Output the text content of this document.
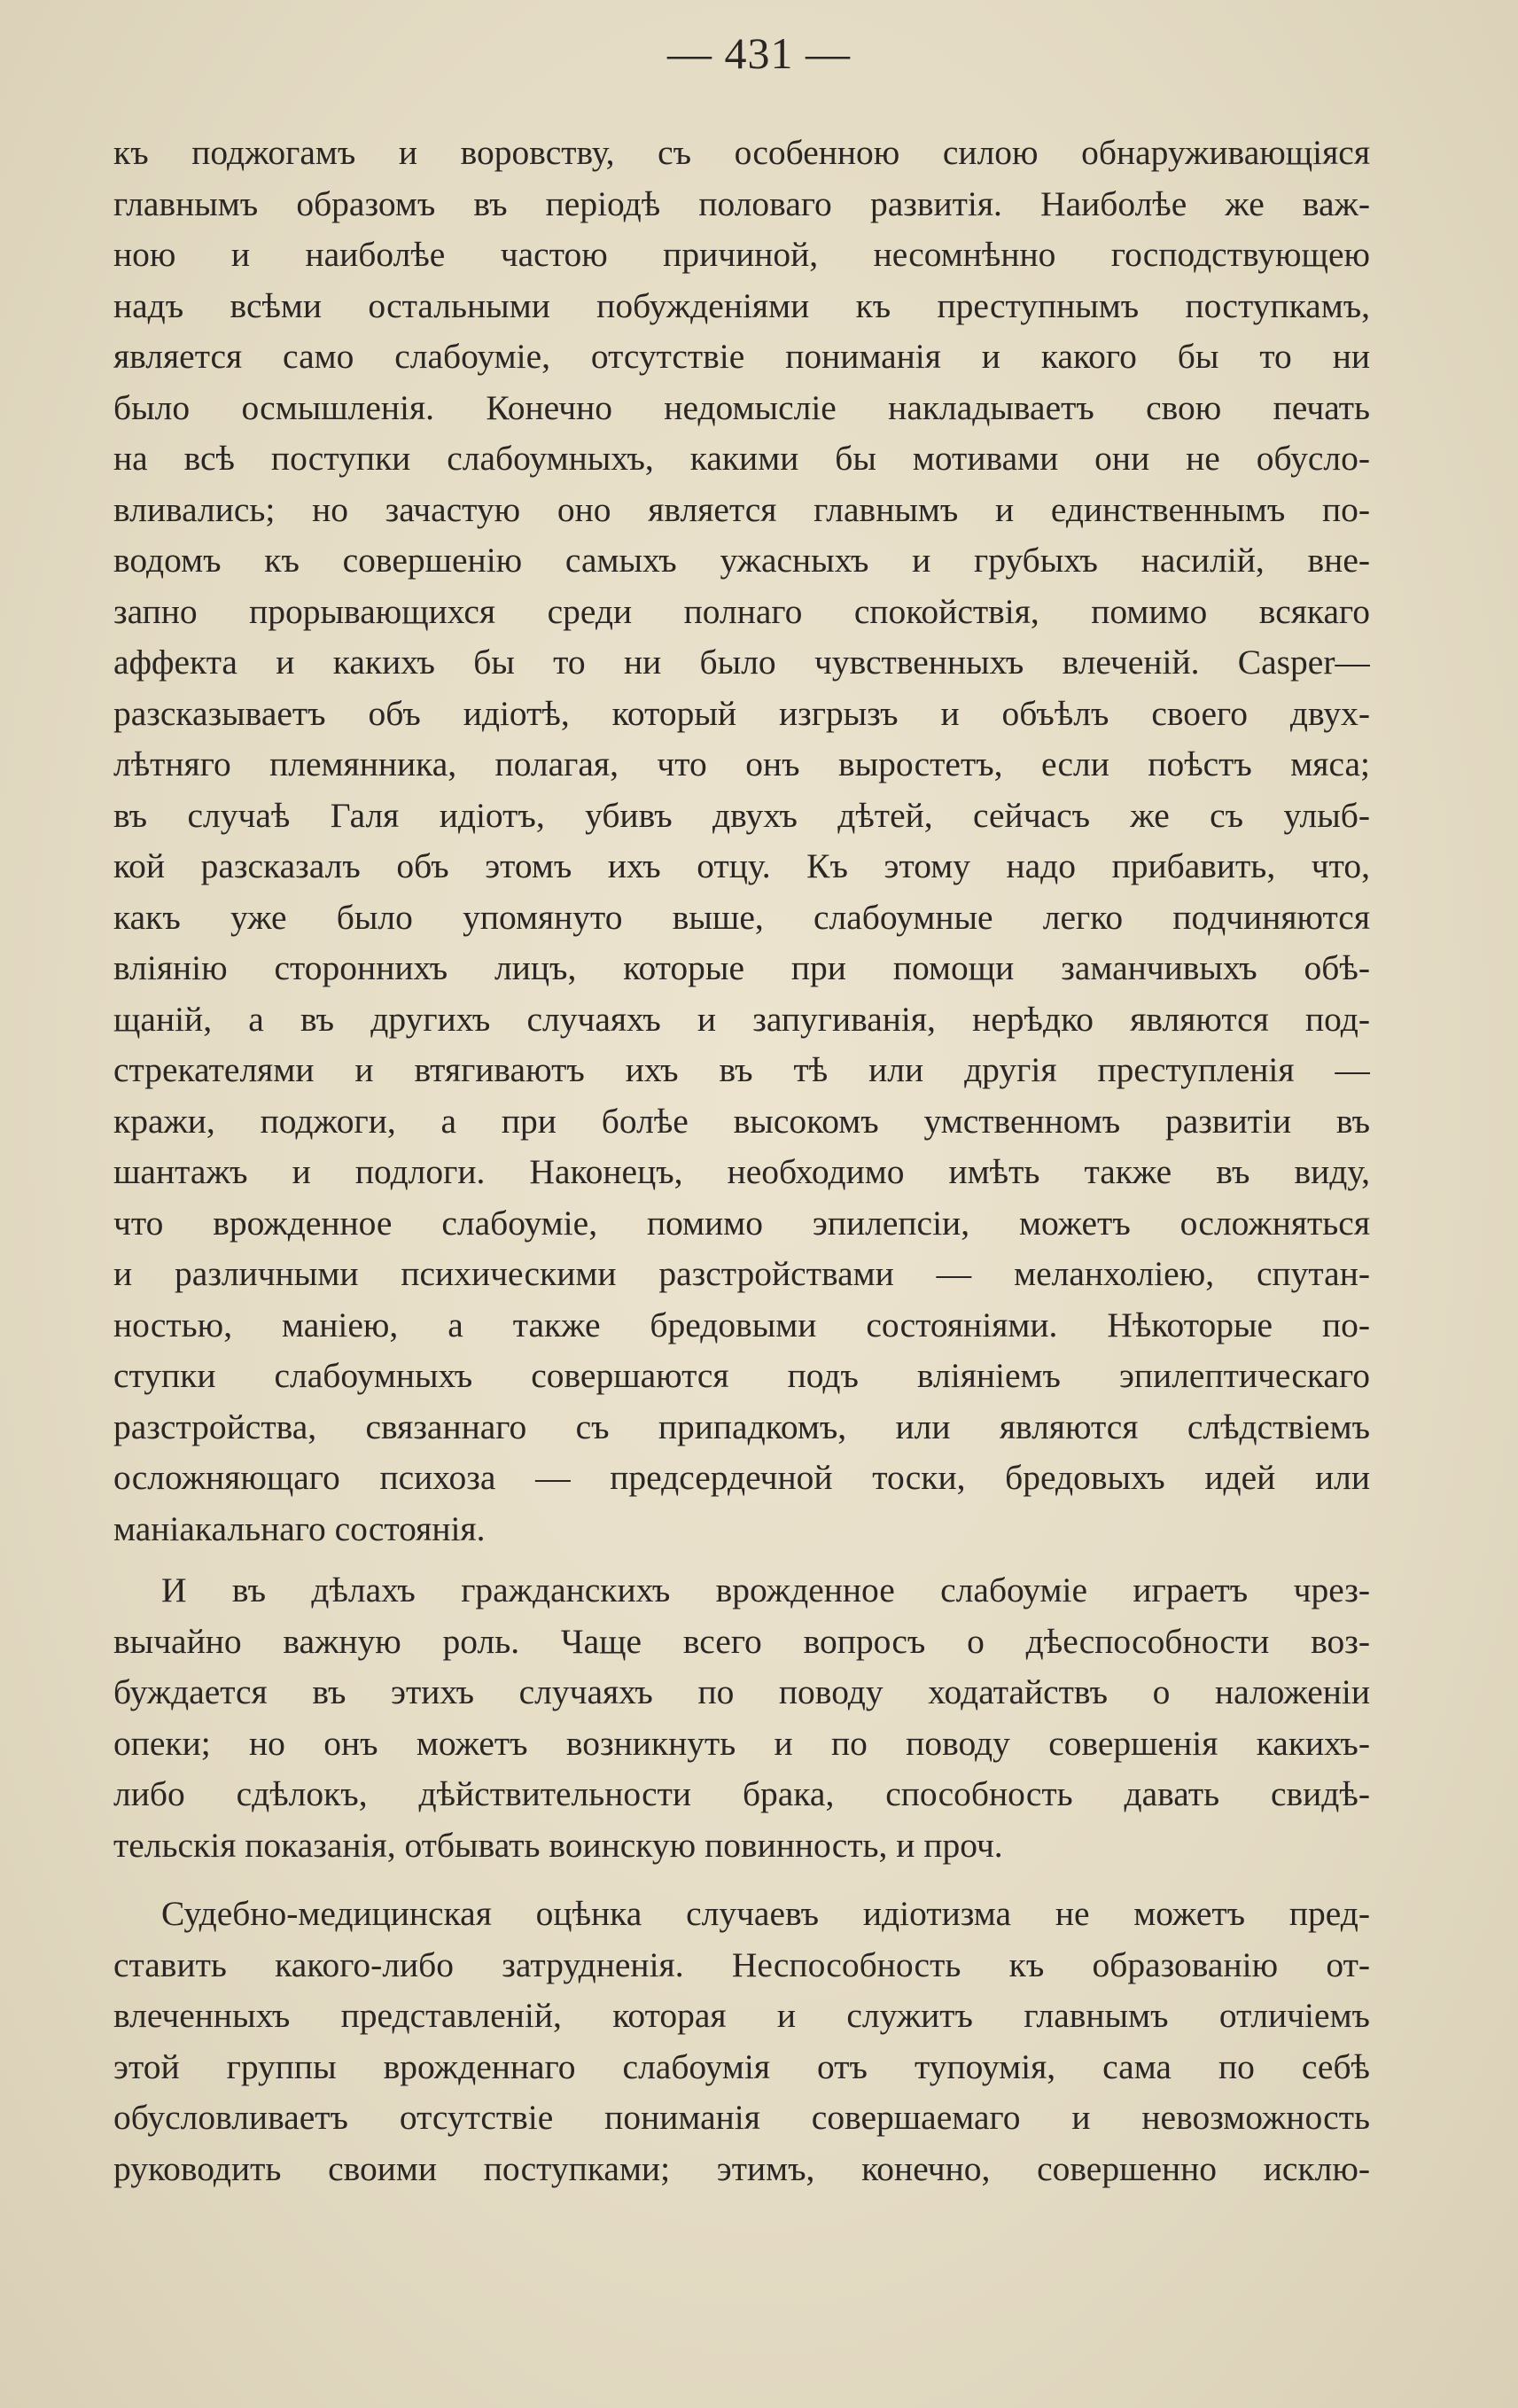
— 431 —
къ поджогамъ и воровству, съ особенною силою обнаруживающіяся
главнымъ образомъ въ періодѣ половаго развитія. Наиболѣе же важ-
ною и наиболѣе частою причиной, несомнѣнно господствующею
надъ всѣми остальными побужденіями къ преступнымъ поступкамъ,
является само слабоуміе, отсутствіе пониманія и какого бы то ни
было осмышленія. Конечно недомысліе накладываетъ свою печать
на всѣ поступки слабоумныхъ, какими бы мотивами они не обусло-
вливались; но зачастую оно является главнымъ и единственнымъ по-
водомъ къ совершенію самыхъ ужасныхъ и грубыхъ насилій, вне-
запно прорывающихся среди полнаго спокойствія, помимо всякаго
аффекта и какихъ бы то ни было чувственныхъ влеченій. Casper—
разсказываетъ объ идіотѣ, который изгрызъ и объѣлъ своего двух-
лѣтняго племянника, полагая, что онъ выростетъ, если поѣстъ мяса;
въ случаѣ Галя идіотъ, убивъ двухъ дѣтей, сейчасъ же съ улыб-
кой разсказалъ объ этомъ ихъ отцу. Къ этому надо прибавить, что,
какъ уже было упомянуто выше, слабоумные легко подчиняются
вліянію стороннихъ лицъ, которые при помощи заманчивыхъ обѣ-
щаній, а въ другихъ случаяхъ и запугиванія, нерѣдко являются под-
стрекателями и втягиваютъ ихъ въ тѣ или другія преступленія —
кражи, поджоги, а при болѣе высокомъ умственномъ развитіи въ
шантажъ и подлоги. Наконецъ, необходимо имѣть также въ виду,
что врожденное слабоуміе, помимо эпилепсіи, можетъ осложняться
и различными психическими разстройствами — меланхоліею, спутан-
ностью, маніею, а также бредовыми состояніями. Нѣкоторые по-
ступки слабоумныхъ совершаются подъ вліяніемъ эпилептическаго
разстройства, связаннаго съ припадкомъ, или являются слѣдствіемъ
осложняющаго психоза — предсердечной тоски, бредовыхъ идей или
маніакальнаго состоянія.
И въ дѣлахъ гражданскихъ врожденное слабоуміе играетъ чрез-
вычайно важную роль. Чаще всего вопросъ о дѣеспособности воз-
буждается въ этихъ случаяхъ по поводу ходатайствъ о наложеніи
опеки; но онъ можетъ возникнуть и по поводу совершенія какихъ-
либо сдѣлокъ, дѣйствительности брака, способность давать свидѣ-
тельскія показанія, отбывать воинскую повинность, и проч.
Судебно-медицинская оцѣнка случаевъ идіотизма не можетъ пред-
ставить какого-либо затрудненія. Неспособность къ образованію от-
влеченныхъ представленій, которая и служитъ главнымъ отличіемъ
этой группы врожденнаго слабоумія отъ тупоумія, сама по себѣ
обусловливаетъ отсутствіе пониманія совершаемаго и невозможность
руководить своими поступками; этимъ, конечно, совершенно исклю-
